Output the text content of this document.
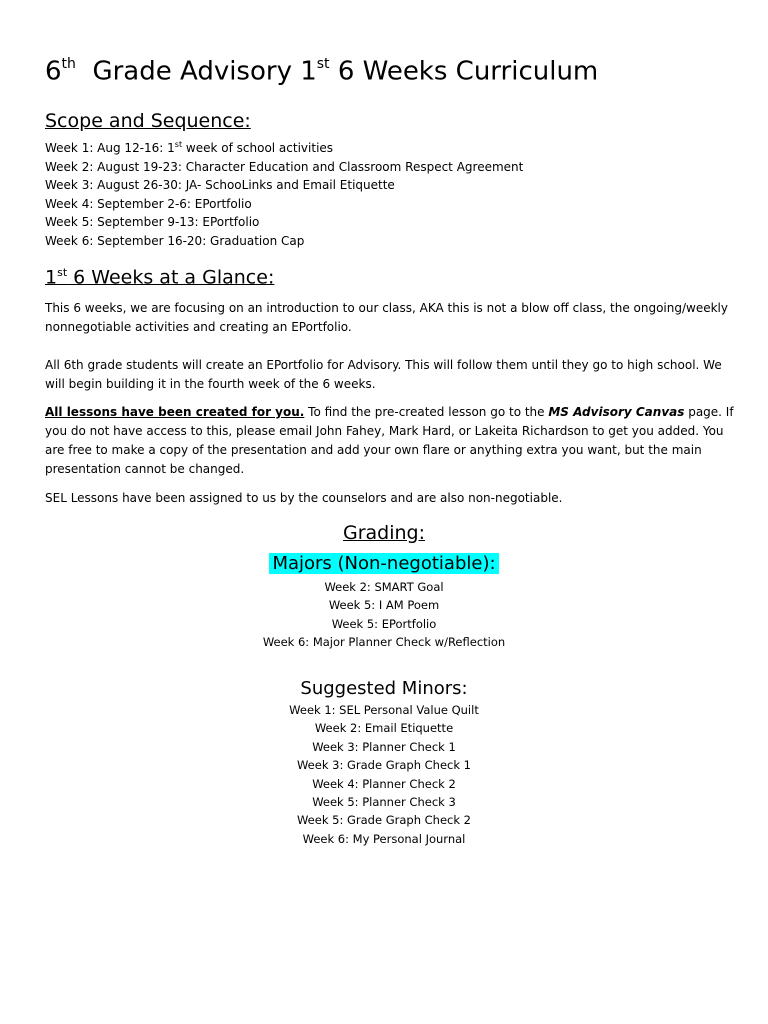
6th  Grade Advisory 1st 6 Weeks Curriculum
Scope and Sequence:
Week 1: Aug 12-16: 1st week of school activities
Week 2: August 19-23: Character Education and Classroom Respect Agreement
Week 3: August 26-30: JA- SchooLinks and Email Etiquette
Week 4: September 2-6: EPortfolio
Week 5: September 9-13: EPortfolio
Week 6: September 16-20: Graduation Cap
1st 6 Weeks at a Glance:

This 6 weeks, we are focusing on an introduction to our class, AKA this is not a blow off class, the ongoing/weekly nonnegotiable activities and creating an EPortfolio.

All 6th grade students will create an EPortfolio for Advisory. This will follow them until they go to high school. We will begin building it in the fourth week of the 6 weeks.

All lessons have been created for you. To find the pre-created lesson go to the MS Advisory Canvas page. If you do not have access to this, please email John Fahey, Mark Hard, or Lakeita Richardson to get you added. You are free to make a copy of the presentation and add your own flare or anything extra you want, but the main presentation cannot be changed.

SEL Lessons have been assigned to us by the counselors and are also non-negotiable.

Grading:
Majors (Non-negotiable):
Week 2: SMART Goal
Week 5: I AM Poem
Week 5: EPortfolio
Week 6: Major Planner Check w/Reflection
Suggested Minors:
Week 1: SEL Personal Value Quilt
Week 2: Email Etiquette
Week 3: Planner Check 1
Week 3: Grade Graph Check 1
Week 4: Planner Check 2
Week 5: Planner Check 3
Week 5: Grade Graph Check 2
Week 6: My Personal Journal
